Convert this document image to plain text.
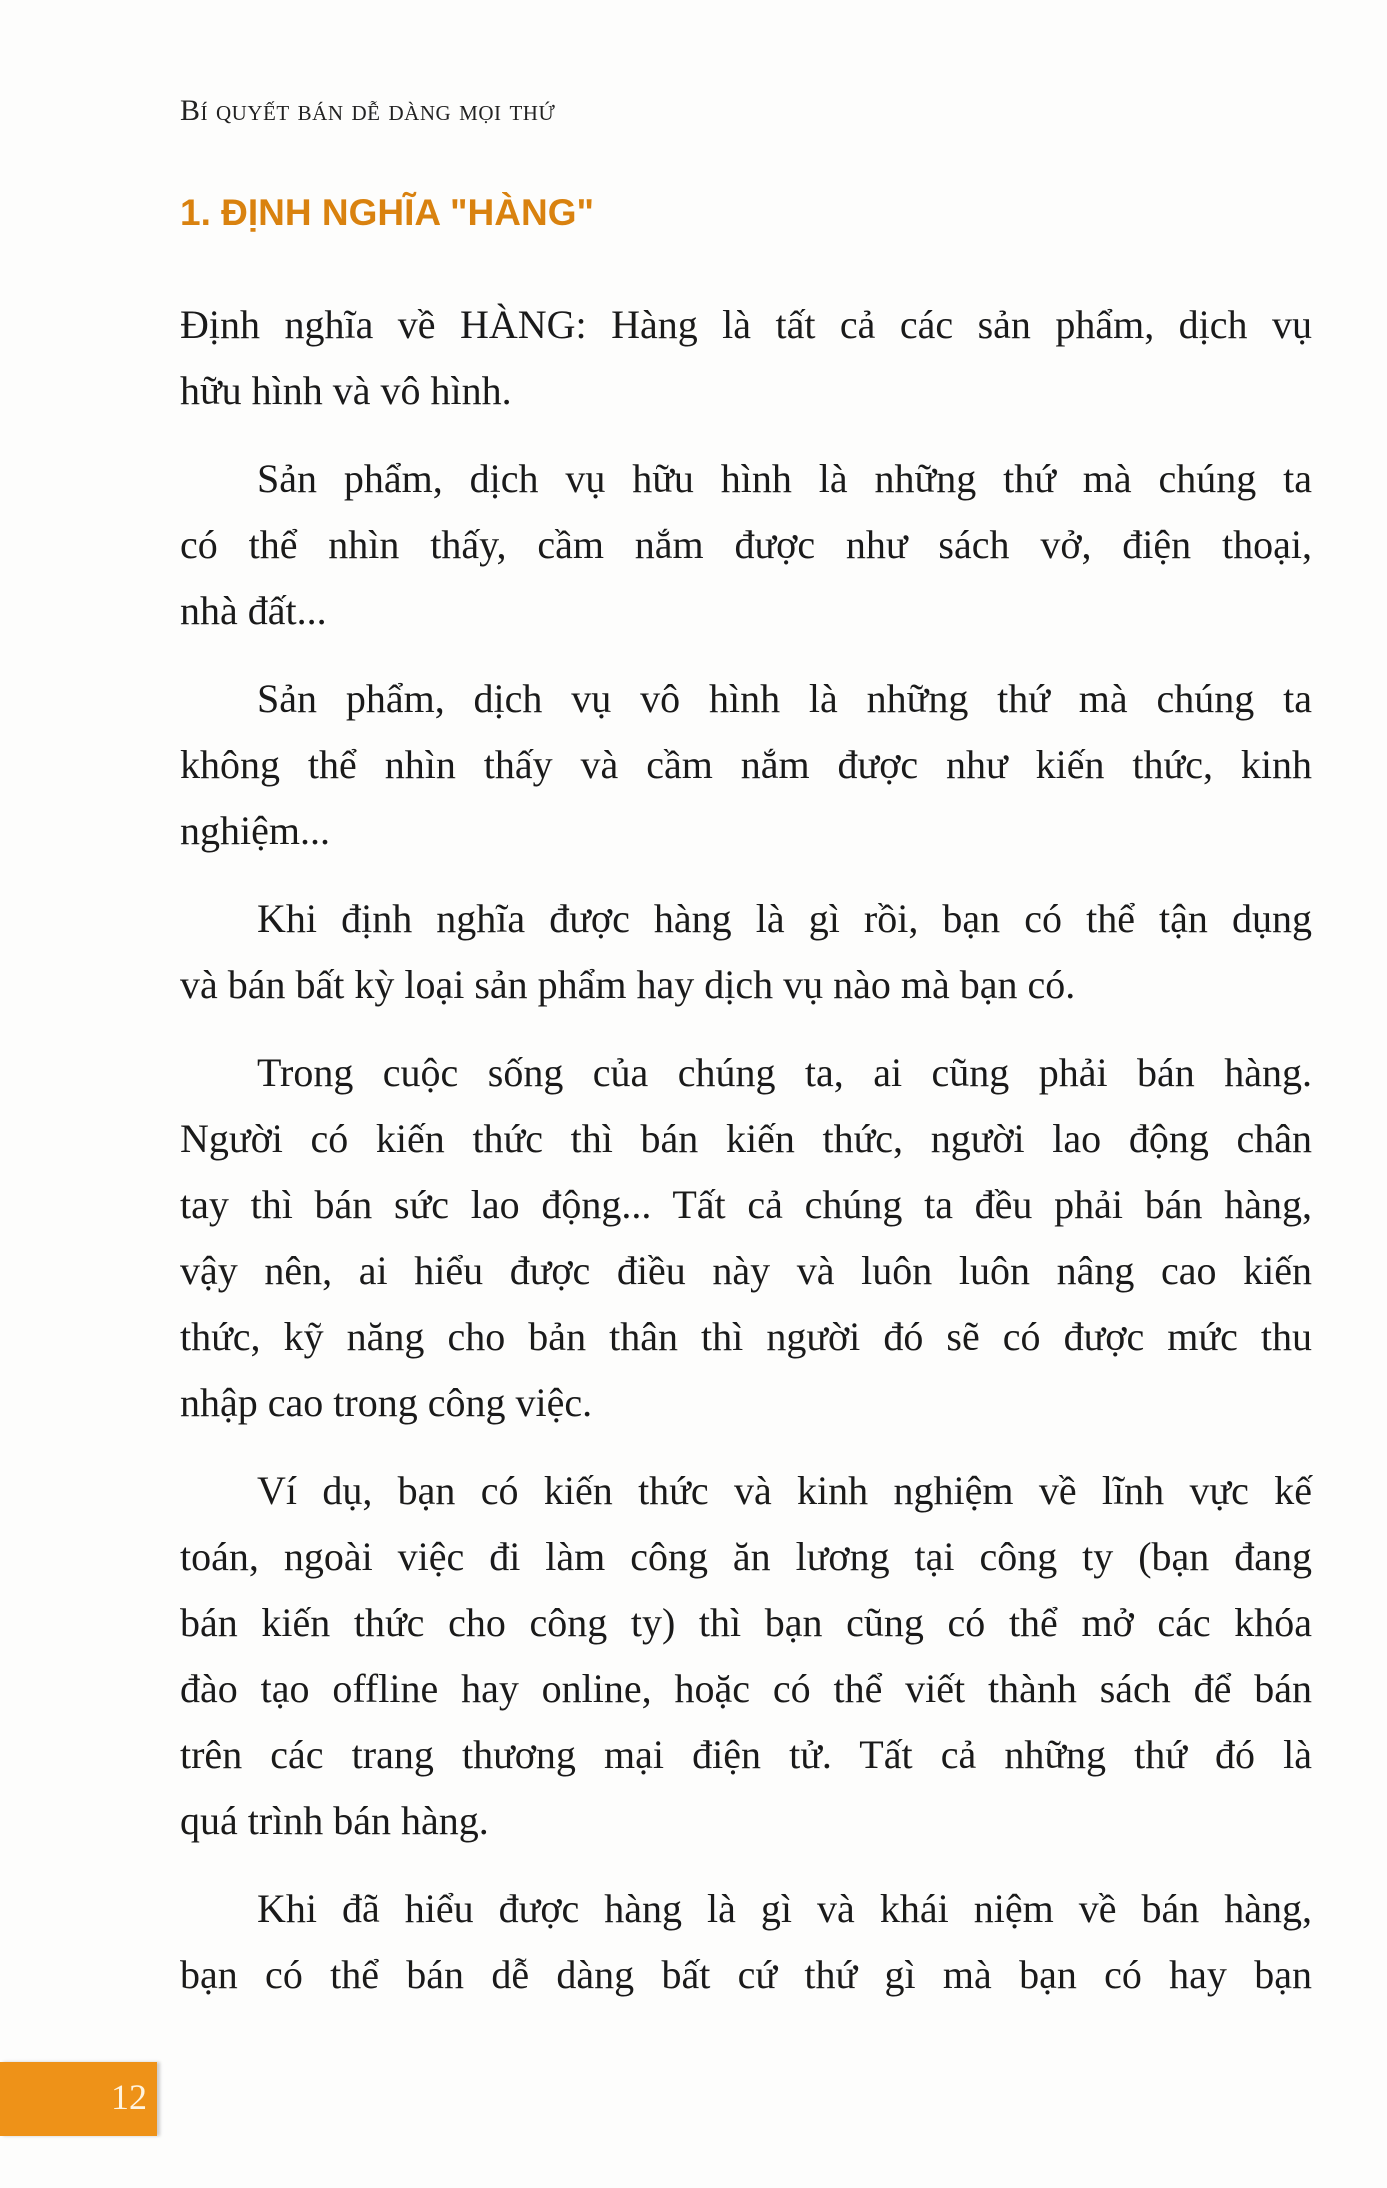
Bí quyết bán dễ dàng mọi thứ
1. ĐỊNH NGHĨA "HÀNG"
Định nghĩa về HÀNG: Hàng là tất cả các sản phẩm, dịch vụ
hữu hình và vô hình.
Sản phẩm, dịch vụ hữu hình là những thứ mà chúng ta
có thể nhìn thấy, cầm nắm được như sách vở, điện thoại,
nhà đất...
Sản phẩm, dịch vụ vô hình là những thứ mà chúng ta
không thể nhìn thấy và cầm nắm được như kiến thức, kinh
nghiệm...
Khi định nghĩa được hàng là gì rồi, bạn có thể tận dụng
và bán bất kỳ loại sản phẩm hay dịch vụ nào mà bạn có.
Trong cuộc sống của chúng ta, ai cũng phải bán hàng.
Người có kiến thức thì bán kiến thức, người lao động chân
tay thì bán sức lao động... Tất cả chúng ta đều phải bán hàng,
vậy nên, ai hiểu được điều này và luôn luôn nâng cao kiến
thức, kỹ năng cho bản thân thì người đó sẽ có được mức thu
nhập cao trong công việc.
Ví dụ, bạn có kiến thức và kinh nghiệm về lĩnh vực kế
toán, ngoài việc đi làm công ăn lương tại công ty (bạn đang
bán kiến thức cho công ty) thì bạn cũng có thể mở các khóa
đào tạo offline hay online, hoặc có thể viết thành sách để bán
trên các trang thương mại điện tử. Tất cả những thứ đó là
quá trình bán hàng.
Khi đã hiểu được hàng là gì và khái niệm về bán hàng,
bạn có thể bán dễ dàng bất cứ thứ gì mà bạn có hay bạn
12
